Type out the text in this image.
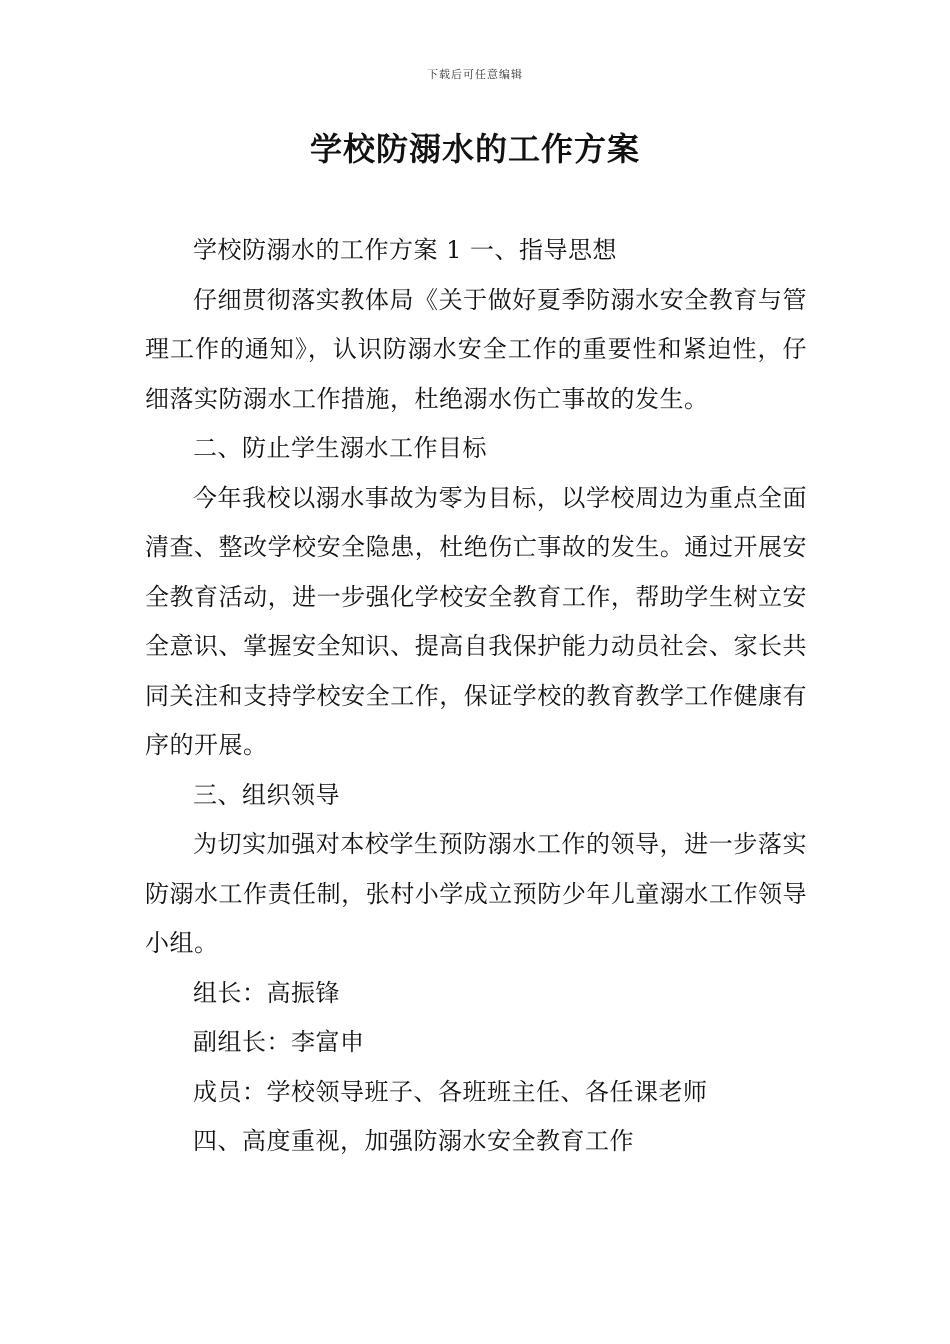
下载后可任意编辑
学校防溺水的工作方案

学校防溺水的工作方案 1 一、指导思想

仔细贯彻落实教体局《关于做好夏季防溺水安全教育与管理工作的通知》，认识防溺水安全工作的重要性和紧迫性，仔细落实防溺水工作措施，杜绝溺水伤亡事故的发生。

二、防止学生溺水工作目标

今年我校以溺水事故为零为目标，以学校周边为重点全面清查、整改学校安全隐患，杜绝伤亡事故的发生。通过开展安全教育活动，进一步强化学校安全教育工作，帮助学生树立安全意识、掌握安全知识、提高自我保护能力动员社会、家长共同关注和支持学校安全工作，保证学校的教育教学工作健康有序的开展。

三、组织领导

为切实加强对本校学生预防溺水工作的领导，进一步落实防溺水工作责任制，张村小学成立预防少年儿童溺水工作领导小组。

组长：高振锋

副组长：李富申

成员：学校领导班子、各班班主任、各任课老师

四、高度重视，加强防溺水安全教育工作
